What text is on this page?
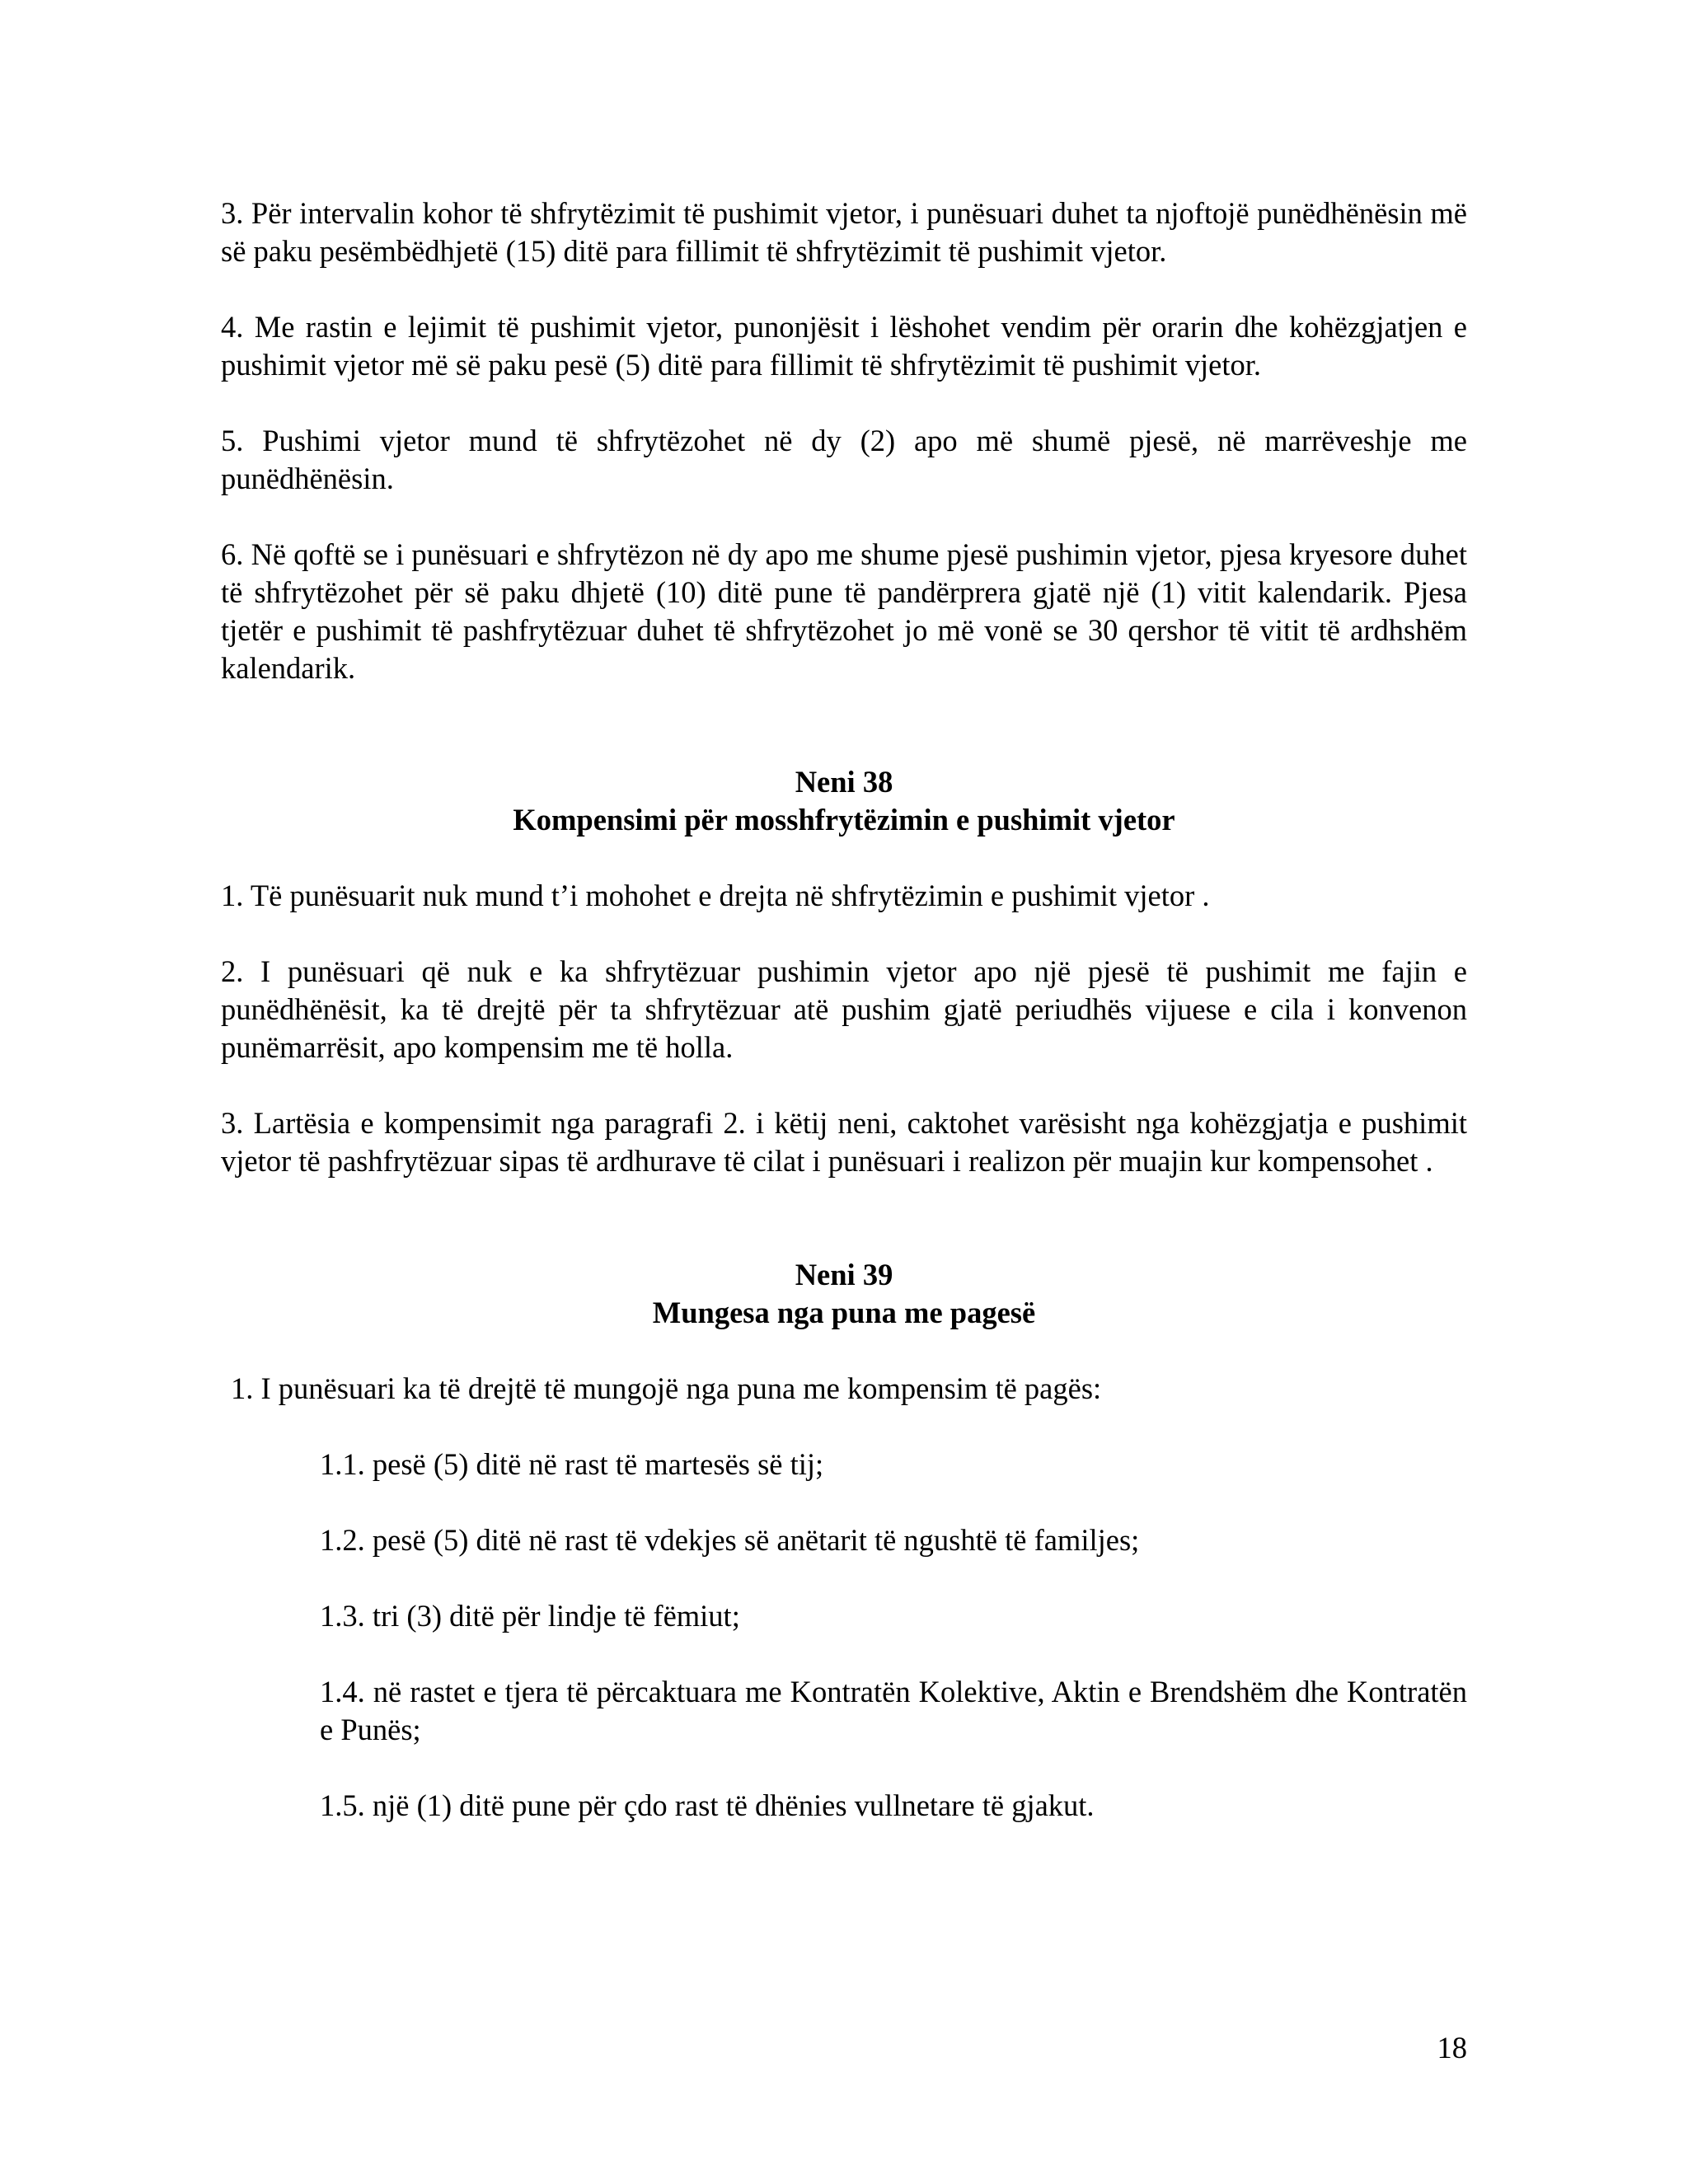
3. Për intervalin kohor të shfrytëzimit të pushimit vjetor, i punësuari duhet ta njoftojë punëdhënësin më së paku pesëmbëdhjetë (15) ditë para fillimit të shfrytëzimit të pushimit vjetor.

4. Me rastin e lejimit të pushimit vjetor, punonjësit i lëshohet vendim për orarin dhe kohëzgjatjen e pushimit vjetor më së paku pesë (5) ditë para fillimit të shfrytëzimit të pushimit vjetor.

5. Pushimi vjetor mund të shfrytëzohet në dy (2) apo më shumë pjesë, në marrëveshje me punëdhënësin.

6. Në qoftë se i punësuari e shfrytëzon në dy apo me shume pjesë pushimin vjetor, pjesa kryesore duhet të shfrytëzohet për së paku dhjetë (10) ditë pune të pandërprera gjatë një (1) vitit kalendarik. Pjesa tjetër e pushimit të pashfrytëzuar duhet të shfrytëzohet jo më vonë se 30 qershor të vitit të ardhshëm kalendarik.

Neni 38

Kompensimi për mosshfrytëzimin e pushimit vjetor

1. Të punësuarit nuk mund t’i mohohet e drejta në shfrytëzimin e pushimit vjetor .

2. I punësuari që nuk e ka shfrytëzuar pushimin vjetor apo një pjesë të pushimit me fajin e punëdhënësit, ka të drejtë për ta shfrytëzuar atë pushim gjatë periudhës vijuese e cila i konvenon punëmarrësit, apo kompensim me të holla.

3. Lartësia e kompensimit nga paragrafi 2. i këtij neni, caktohet varësisht nga kohëzgjatja e pushimit vjetor të pashfrytëzuar sipas të ardhurave të cilat i punësuari i realizon për muajin kur kompensohet .

Neni 39

Mungesa nga puna me pagesë

1. I punësuari ka të drejtë të mungojë nga puna me kompensim të pagës:

1.1. pesë (5) ditë në rast të martesës së tij;

1.2. pesë (5) ditë në rast të vdekjes së anëtarit të ngushtë të familjes;

1.3. tri (3) ditë për lindje të fëmiut;

1.4. në rastet e tjera të përcaktuara me Kontratën Kolektive, Aktin e Brendshëm dhe Kontratën e Punës;

1.5. një (1) ditë pune për çdo rast të dhënies vullnetare të gjakut.

18
